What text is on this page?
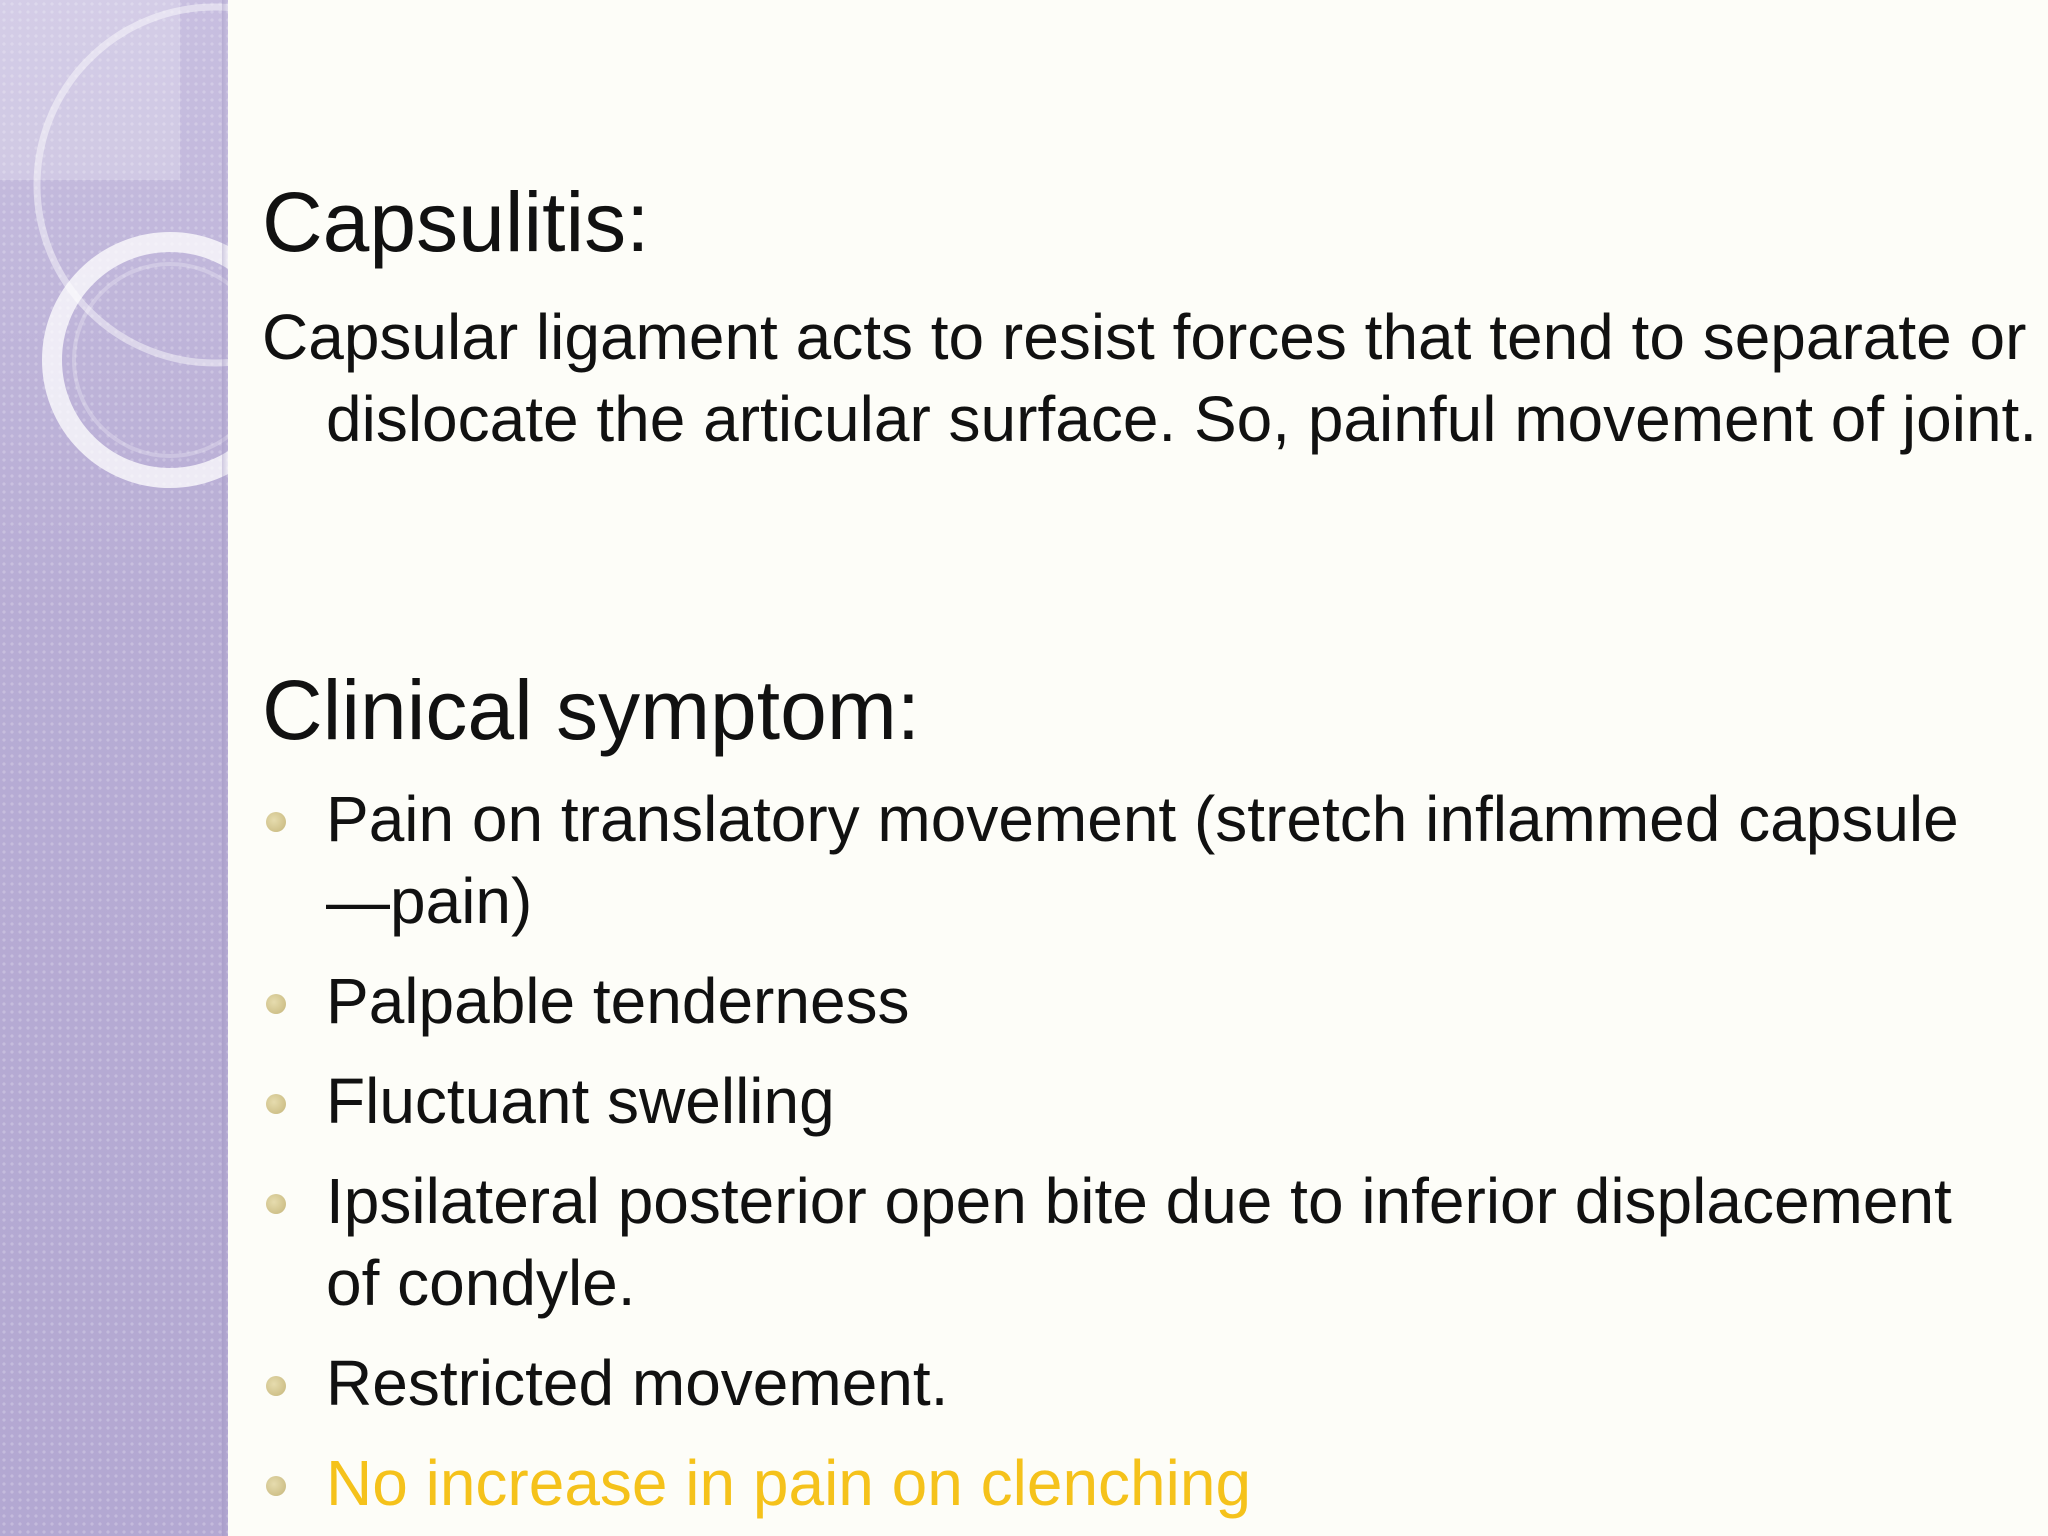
Capsulitis:

Capsular ligament acts to resist forces that tend to separate or dislocate the articular surface. So, painful movement of joint.

Clinical symptom:
Pain on translatory movement (stretch inflammed capsule—pain)
Palpable tenderness
Fluctuant swelling
Ipsilateral posterior open bite due to inferior displacement of condyle.
Restricted movement.
No increase in pain on clenching
